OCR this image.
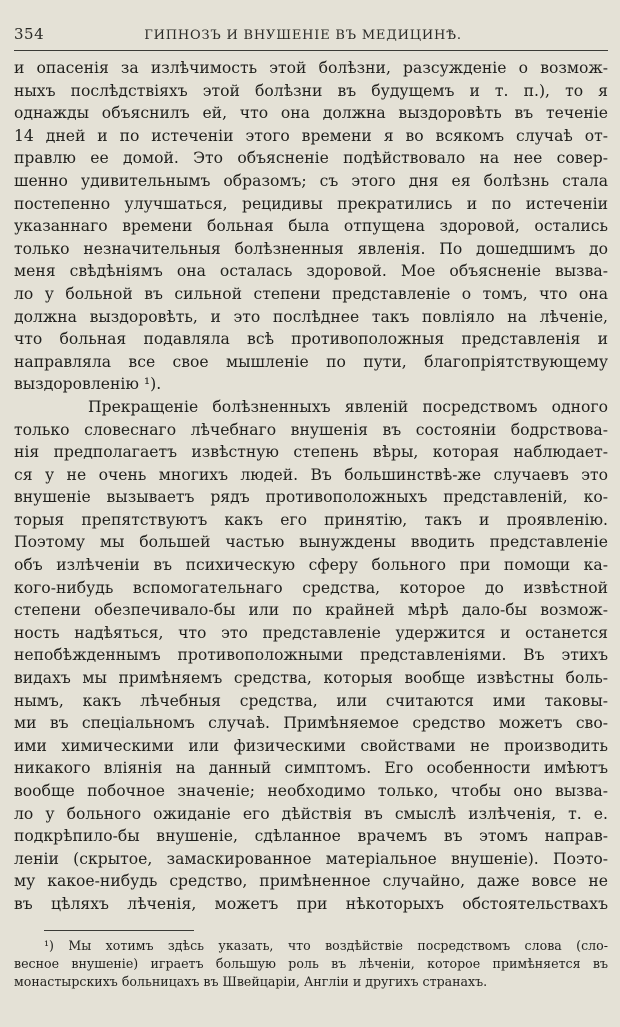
354	ГИПНОЗЪ И ВНУШЕНІЕ ВЪ МЕДИЦИНѢ.
и опасенія за излѣчимость этой болѣзни, разсужденіе о возмож-
ныхъ послѣдствіяхъ этой болѣзни въ будущемъ и т. п.), то я
однажды объяснилъ ей, что она должна выздоровѣть въ теченіе
14 дней и по истеченіи этого времени я во всякомъ случаѣ от-
правлю ее домой. Это объясненіе подѣйствовало на нее совер-
шенно удивительнымъ образомъ; съ этого дня ея болѣзнь стала
постепенно улучшаться, рецидивы прекратились и по истеченіи
указаннаго времени больная была отпущена здоровой, остались
только незначительныя болѣзненныя явленія. По дошедшимъ до
меня свѣдѣніямъ она осталась здоровой. Мое объясненіе вызва-
ло у больной въ сильной степени представленіе о томъ, что она
должна выздоровѣть, и это послѣднее такъ повліяло на лѣченіе,
что больная подавляла всѣ противоположныя представленія и
направляла все свое мышленіе по пути, благопріятствующему
выздоровленію ¹).
Прекращеніе болѣзненныхъ явленій посредствомъ одного
только словеснаго лѣчебнаго внушенія въ состояніи бодрствова-
нія предполагаетъ извѣстную степень вѣры, которая наблюдает-
ся у не очень многихъ людей. Въ большинствѣ-же случаевъ это
внушеніе вызываетъ рядъ противоположныхъ представленій, ко-
торыя препятствуютъ какъ его принятію, такъ и проявленію.
Поэтому мы большей частью вынуждены вводить представленіе
объ излѣченіи въ психическую сферу больного при помощи ка-
кого-нибудь вспомогательнаго средства, которое до извѣстной
степени обезпечивало-бы или по крайней мѣрѣ дало-бы возмож-
ность надѣяться, что это представленіе удержится и останется
непобѣжденнымъ противоположными представленіями. Въ этихъ
видахъ мы примѣняемъ средства, которыя вообще извѣстны боль-
нымъ, какъ лѣчебныя средства, или считаются ими таковы-
ми въ спеціальномъ случаѣ. Примѣняемое средство можетъ сво-
ими химическими или физическими свойствами не производить
никакого вліянія на данный симптомъ. Его особенности имѣютъ
вообще побочное значеніе; необходимо только, чтобы оно вызва-
ло у больного ожиданіе его дѣйствія въ смыслѣ излѣченія, т. е.
подкрѣпило-бы внушеніе, сдѣланное врачемъ въ этомъ направ-
леніи (скрытое, замаскированное матеріальное внушеніе). Поэто-
му какое-нибудь средство, примѣненное случайно, даже вовсе не
въ цѣляхъ лѣченія, можетъ при нѣкоторыхъ обстоятельствахъ
¹) Мы хотимъ здѣсь указать, что воздѣйствіе посредствомъ слова (сло-
весное внушеніе) играетъ большую роль въ лѣченіи, которое примѣняется въ
монастырскихъ больницахъ въ Швейцаріи, Англіи и другихъ странахъ.
